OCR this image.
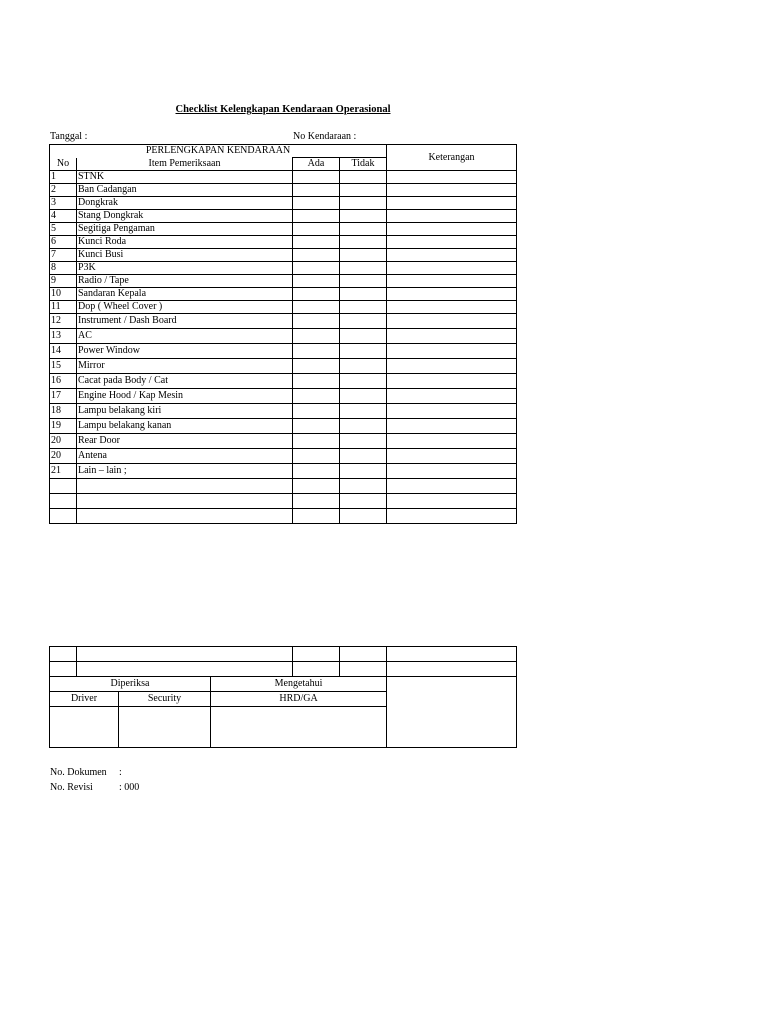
Checklist Kelengkapan Kendaraan Operasional
Tanggal :	No Kendaraan :
PERLENGKAPAN KENDARAAN				Keterangan
No	Item Pemeriksaan	Ada	Tidak	
1	STNK			
2	Ban Cadangan			
3	Dongkrak			
4	Stang Dongkrak			
5	Segitiga Pengaman			
6	Kunci Roda			
7	Kunci Busi			
8	P3K			
9	Radio / Tape			
10	Sandaran Kepala			
11	Dop ( Wheel Cover )			
12	Instrument / Dash Board			
13	AC			
14	Power Window			
15	Mirror			
16	Cacat pada Body / Cat			
17	Engine Hood / Kap Mesin			
18	Lampu belakang kiri			
19	Lampu belakang kanan			
20	Rear Door			
20	Antena			
21	Lain – lain ;			

Diperiksa			Mengetahui			
Driver		Security	HRD/GA			

No. Dokumen :
No. Revisi	: 000
